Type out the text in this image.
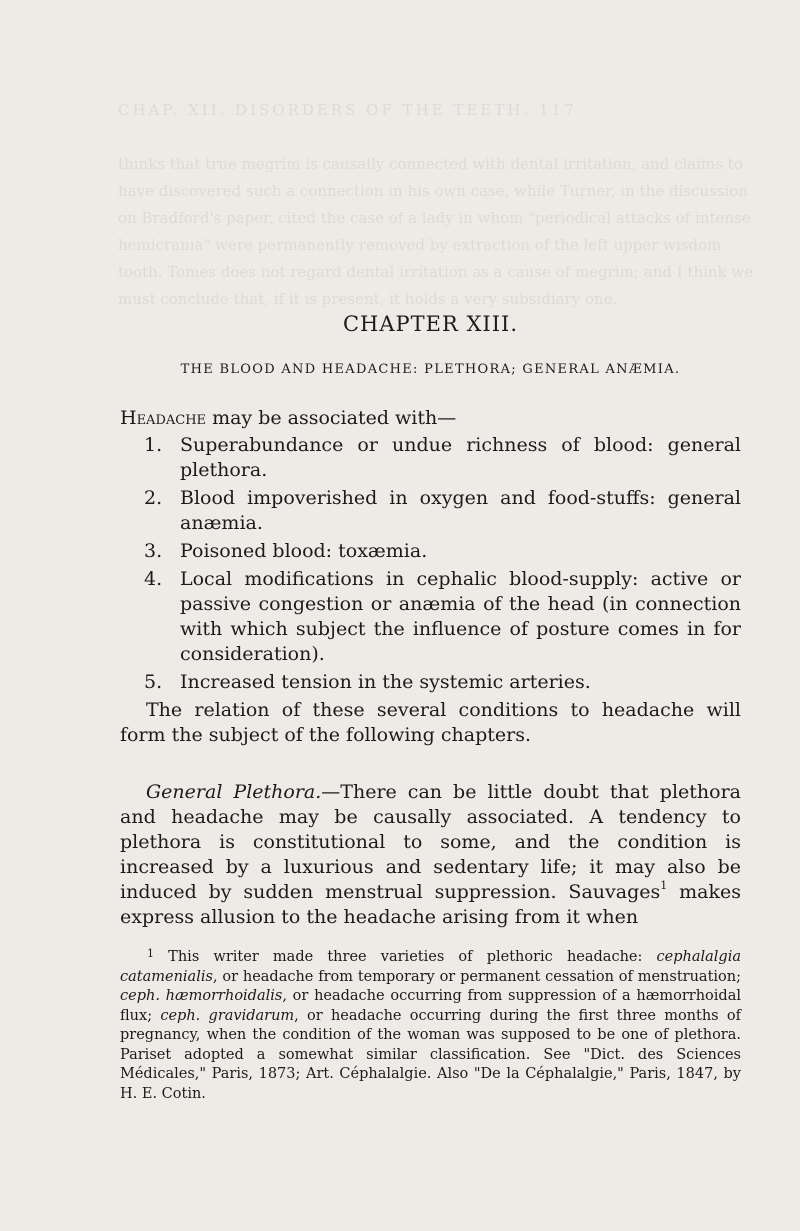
CHAP. XII. DISORDERS OF THE TEETH. 117

thinks that true megrim is causally connected with dental irritation, and claims to have discovered such a connection in his own case, while Turner, in the discussion on Bradford's paper, cited the case of a lady in whom "periodical attacks of intense hemicrania" were permanently removed by extraction of the left upper wisdom tooth. Tomes does not regard dental irritation as a cause of megrim; and I think we must conclude that, if it is present, it holds a very subsidiary one.

CHAPTER XIII.
THE BLOOD AND HEADACHE: PLETHORA; GENERAL ANÆMIA.

Headache may be associated with—

1. Superabundance or undue richness of blood: general plethora.
2. Blood impoverished in oxygen and food-stuffs: general anæmia.
3. Poisoned blood: toxæmia.
4. Local modifications in cephalic blood-supply: active or passive congestion or anæmia of the head (in connection with which subject the influence of posture comes in for consideration).
5. Increased tension in the systemic arteries.

The relation of these several conditions to headache will form the subject of the following chapters.

General Plethora.—There can be little doubt that plethora and headache may be causally associated. A tendency to plethora is constitutional to some, and the condition is increased by a luxurious and sedentary life; it may also be induced by sudden menstrual suppression. Sauvages$^1$ makes express allusion to the headache arising from it when

$^1$ This writer made three varieties of plethoric headache: cephalalgia catamenialis, or headache from temporary or permanent cessation of menstruation; ceph. hæmorrhoidalis, or headache occurring from suppression of a hæmorrhoidal flux; ceph. gravidarum, or headache occurring during the first three months of pregnancy, when the condition of the woman was supposed to be one of plethora. Pariset adopted a somewhat similar classification. See "Dict. des Sciences Médicales," Paris, 1873; Art. Céphalalgie. Also "De la Céphalalgie," Paris, 1847, by H. E. Cotin.
